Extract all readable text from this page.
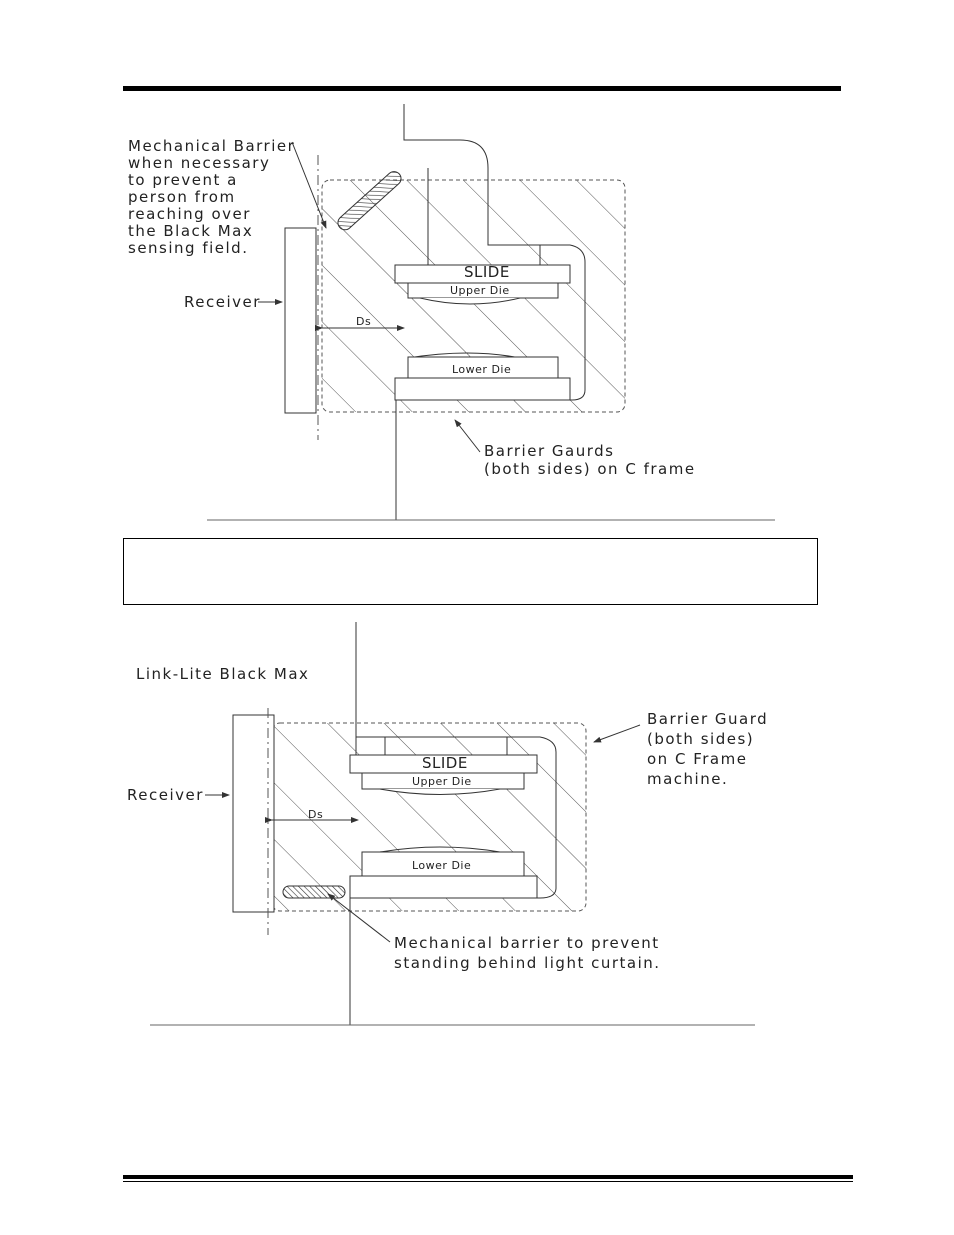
SLIDE
Upper Die
Lower Die
Ds
Mechanical Barrier
when necessary
to prevent a
person from
reaching over
the Black Max
sensing field.
Receiver
Barrier Gaurds
(both sides) on C frame
SLIDE
Upper Die
Lower Die
Ds
Link-Lite Black Max
Receiver
Barrier Guard
(both sides)
on C Frame
machine.
Mechanical barrier to prevent
standing behind light curtain.
